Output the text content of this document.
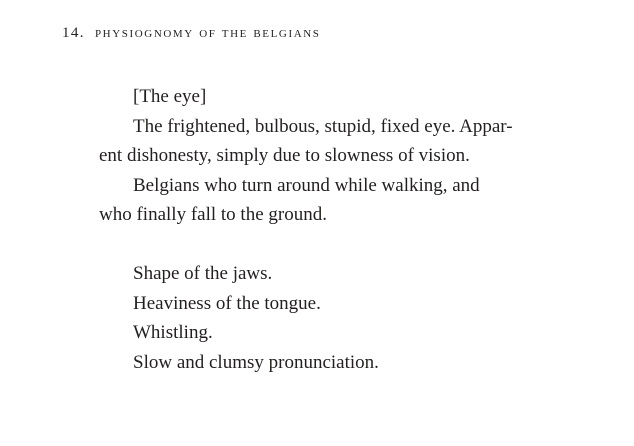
14. physiognomy of the belgians
[The eye]
The frightened, bulbous, stupid, fixed eye. Appar-
ent dishonesty, simply due to slowness of vision.
Belgians who turn around while walking, and
who finally fall to the ground.
Shape of the jaws.
Heaviness of the tongue.
Whistling.
Slow and clumsy pronunciation.
